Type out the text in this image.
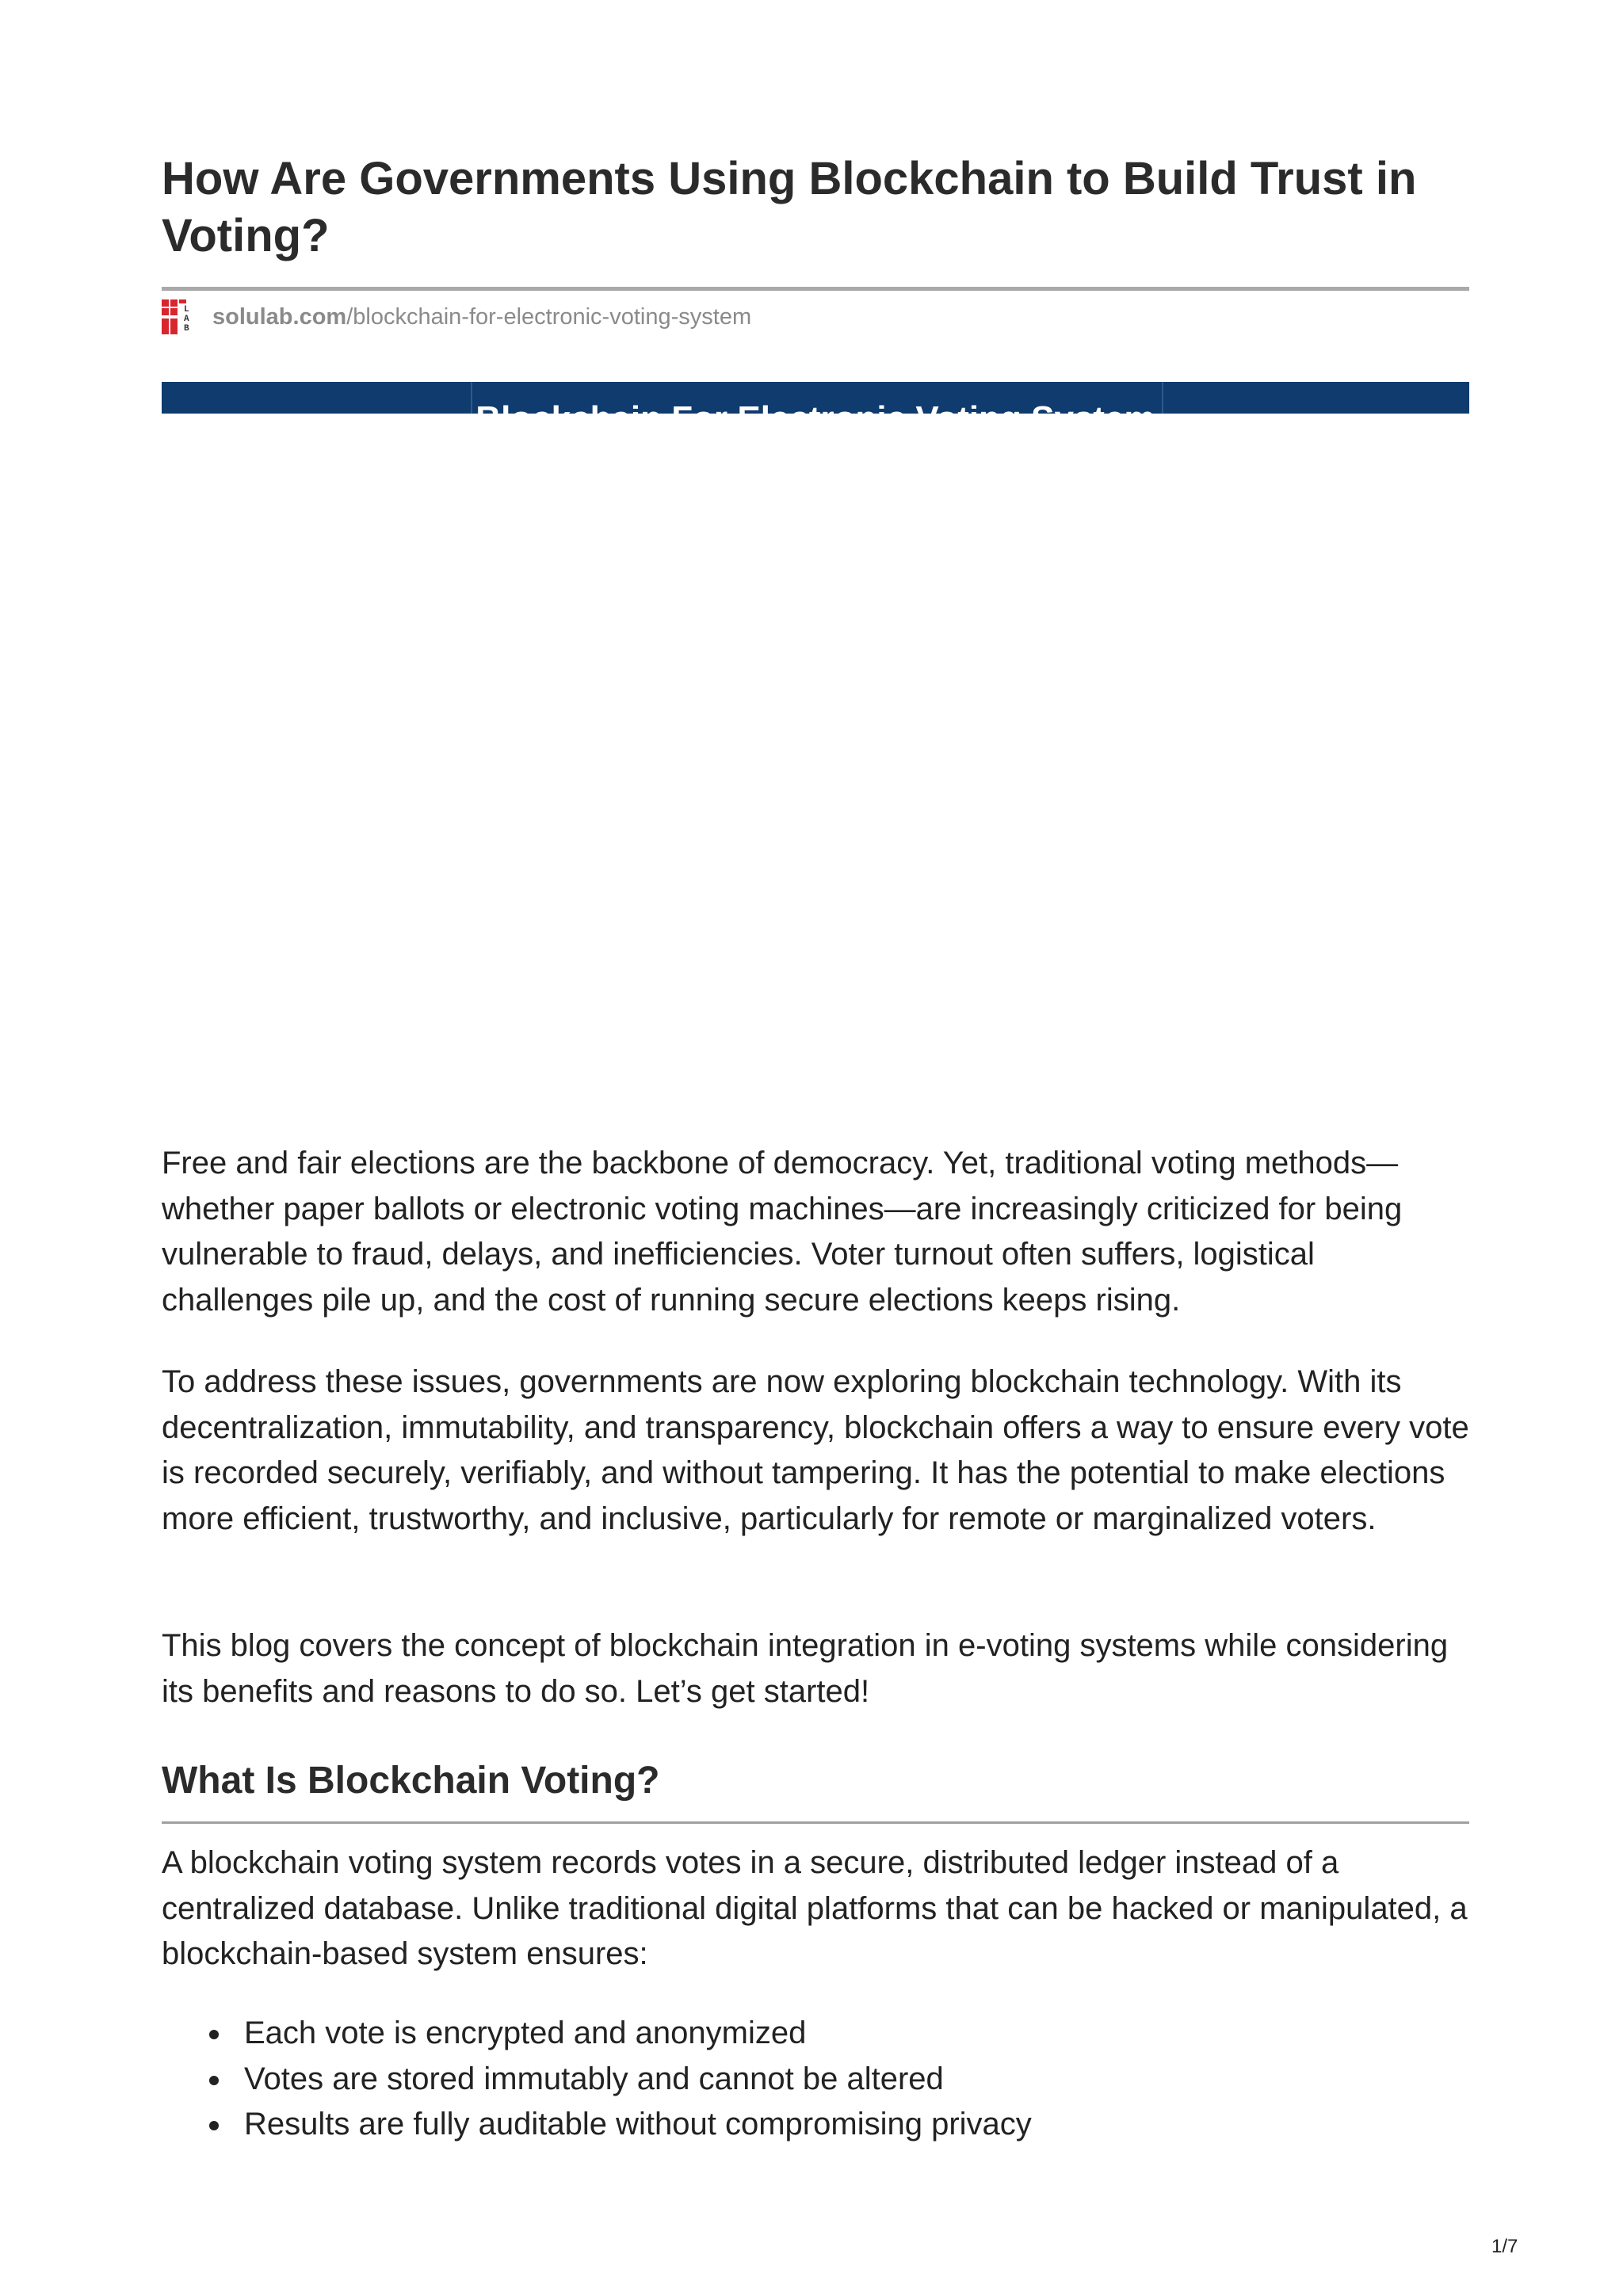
How Are Governments Using Blockchain to Build Trust in Voting?
L
A
B solulab.com/blockchain-for-electronic-voting-system
Blockchain For Electronic Voting System

Free and fair elections are the backbone of democracy. Yet, traditional voting methods—whether paper ballots or electronic voting machines—are increasingly criticized for being vulnerable to fraud, delays, and inefficiencies. Voter turnout often suffers, logistical challenges pile up, and the cost of running secure elections keeps rising.

To address these issues, governments are now exploring blockchain technology. With its decentralization, immutability, and transparency, blockchain offers a way to ensure every vote is recorded securely, verifiably, and without tampering. It has the potential to make elections more efficient, trustworthy, and inclusive, particularly for remote or marginalized voters.

This blog covers the concept of blockchain integration in e-voting systems while considering its benefits and reasons to do so. Let’s get started!

What Is Blockchain Voting?

A blockchain voting system records votes in a secure, distributed ledger instead of a centralized database. Unlike traditional digital platforms that can be hacked or manipulated, a blockchain-based system ensures:

Each vote is encrypted and anonymized
Votes are stored immutably and cannot be altered
Results are fully auditable without compromising privacy
1/7
